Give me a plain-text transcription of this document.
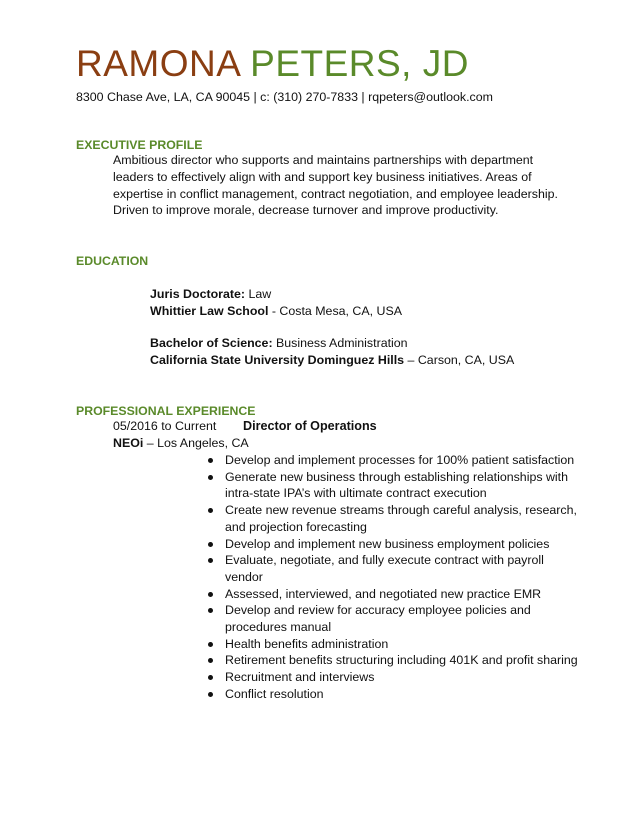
RAMONA PETERS, JD
8300 Chase Ave, LA, CA 90045 | c: (310) 270-7833 | rqpeters@outlook.com
EXECUTIVE PROFILE
Ambitious director who supports and maintains partnerships with department leaders to effectively align with and support key business initiatives. Areas of expertise in conflict management, contract negotiation, and employee leadership. Driven to improve morale, decrease turnover and improve productivity.
EDUCATION
Juris Doctorate: Law
Whittier Law School - Costa Mesa, CA, USA
Bachelor of Science: Business Administration
California State University Dominguez Hills – Carson, CA, USA
PROFESSIONAL EXPERIENCE
05/2016 to Current Director of Operations
NEOi – Los Angeles, CA
Develop and implement processes for 100% patient satisfaction
Generate new business through establishing relationships with intra-state IPA’s with ultimate contract execution
Create new revenue streams through careful analysis, research, and projection forecasting
Develop and implement new business employment policies
Evaluate, negotiate, and fully execute contract with payroll vendor
Assessed, interviewed, and negotiated new practice EMR
Develop and review for accuracy employee policies and procedures manual
Health benefits administration
Retirement benefits structuring including 401K and profit sharing
Recruitment and interviews
Conflict resolution
